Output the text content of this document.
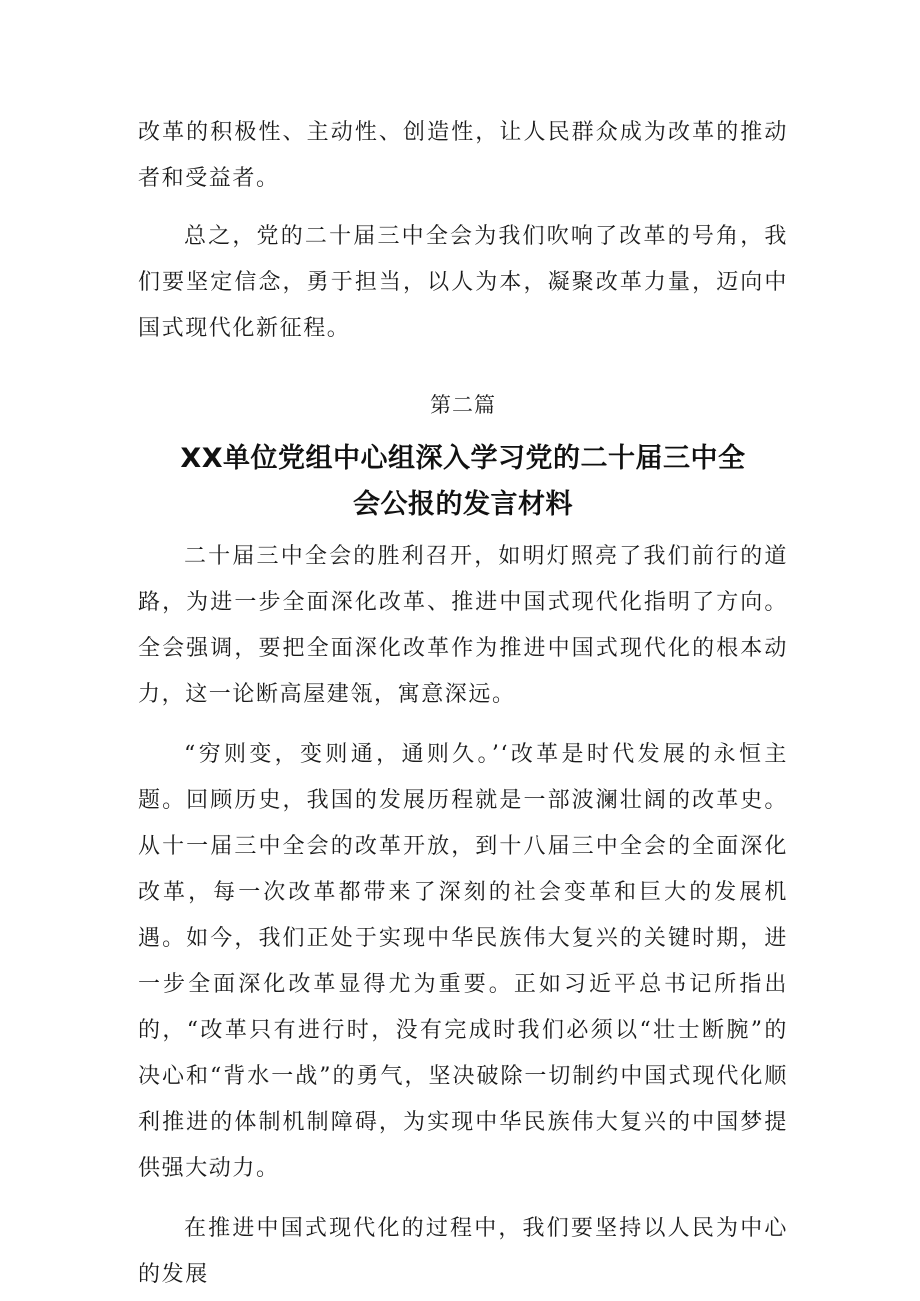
改革的积极性、主动性、创造性，让人民群众成为改革的推动者和受益者。

总之，党的二十届三中全会为我们吹响了改革的号角，我们要坚定信念，勇于担当，以人为本，凝聚改革力量，迈向中国式现代化新征程。

第二篇

XX单位党组中心组深入学习党的二十届三中全
会公报的发言材料

二十届三中全会的胜利召开，如明灯照亮了我们前行的道路，为进一步全面深化改革、推进中国式现代化指明了方向。全会强调，要把全面深化改革作为推进中国式现代化的根本动力，这一论断高屋建瓴，寓意深远。

“穷则变，变则通，通则久。’‘改革是时代发展的永恒主题。回顾历史，我国的发展历程就是一部波澜壮阔的改革史。从十一届三中全会的改革开放，到十八届三中全会的全面深化改革，每一次改革都带来了深刻的社会变革和巨大的发展机遇。如今，我们正处于实现中华民族伟大复兴的关键时期，进一步全面深化改革显得尤为重要。正如习近平总书记所指出的，“改革只有进行时，没有完成时我们必须以“壮士断腕”的决心和“背水一战”的勇气，坚决破除一切制约中国式现代化顺利推进的体制机制障碍，为实现中华民族伟大复兴的中国梦提供强大动力。

在推进中国式现代化的过程中，我们要坚持以人民为中心的发展
